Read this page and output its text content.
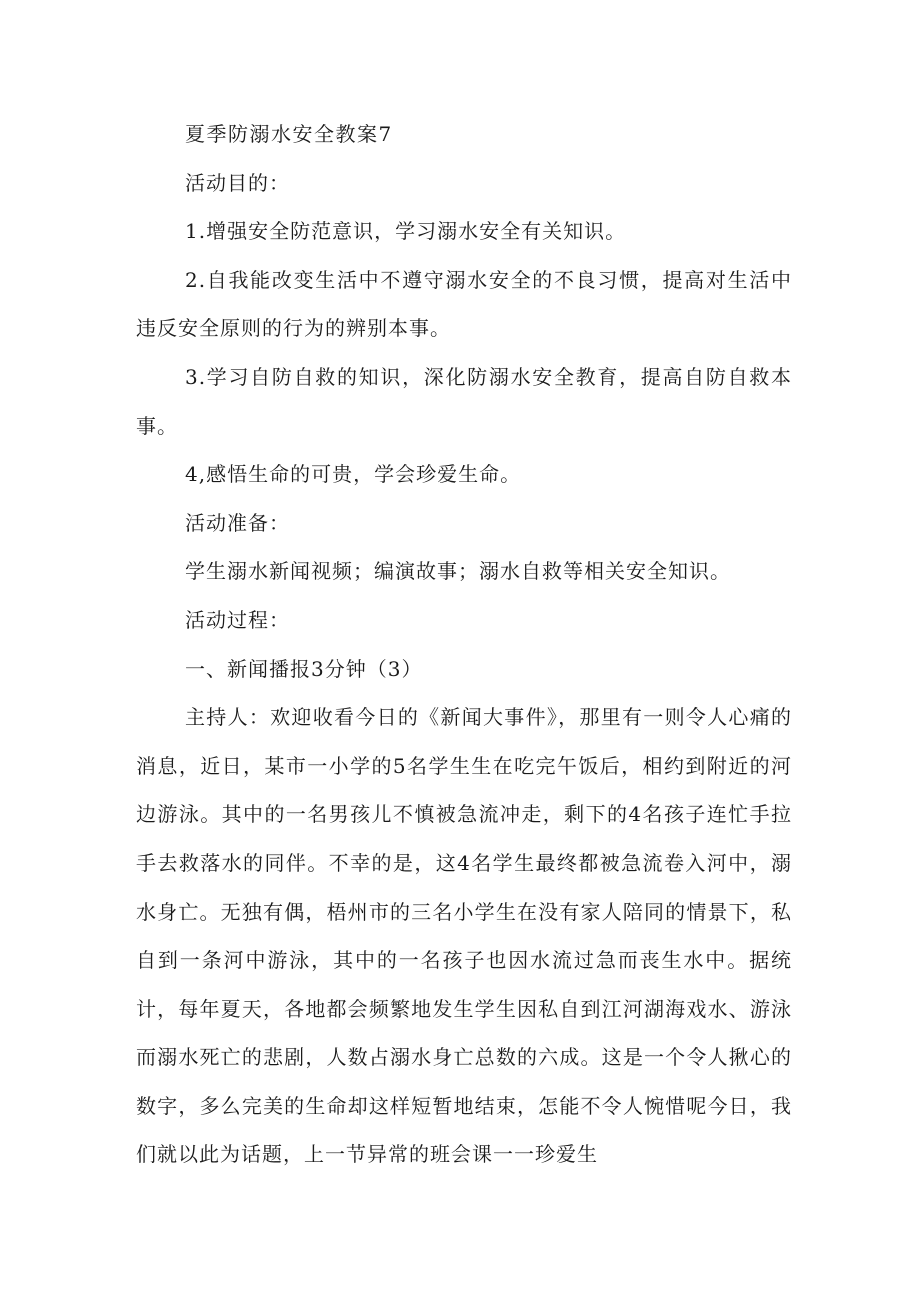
夏季防溺水安全教案7

活动目的：

1.增强安全防范意识，学习溺水安全有关知识。

2.自我能改变生活中不遵守溺水安全的不良习惯，提高对生活中违反安全原则的行为的辨别本事。

3.学习自防自救的知识，深化防溺水安全教育，提高自防自救本事。

4,感悟生命的可贵，学会珍爱生命。

活动准备：

学生溺水新闻视频；编演故事；溺水自救等相关安全知识。

活动过程：

一、新闻播报3分钟（3）

主持人：欢迎收看今日的《新闻大事件》，那里有一则令人心痛的消息，近日，某市一小学的5名学生生在吃完午饭后，相约到附近的河边游泳。其中的一名男孩儿不慎被急流冲走，剩下的4名孩子连忙手拉手去救落水的同伴。不幸的是，这4名学生最终都被急流卷入河中，溺水身亡。无独有偶，梧州市的三名小学生在没有家人陪同的情景下，私自到一条河中游泳，其中的一名孩子也因水流过急而丧生水中。据统计，每年夏天，各地都会频繁地发生学生因私自到江河湖海戏水、游泳而溺水死亡的悲剧，人数占溺水身亡总数的六成。这是一个令人揪心的数字，多么完美的生命却这样短暂地结束，怎能不令人惋惜呢今日，我们就以此为话题，上一节异常的班会课一一珍爱生
